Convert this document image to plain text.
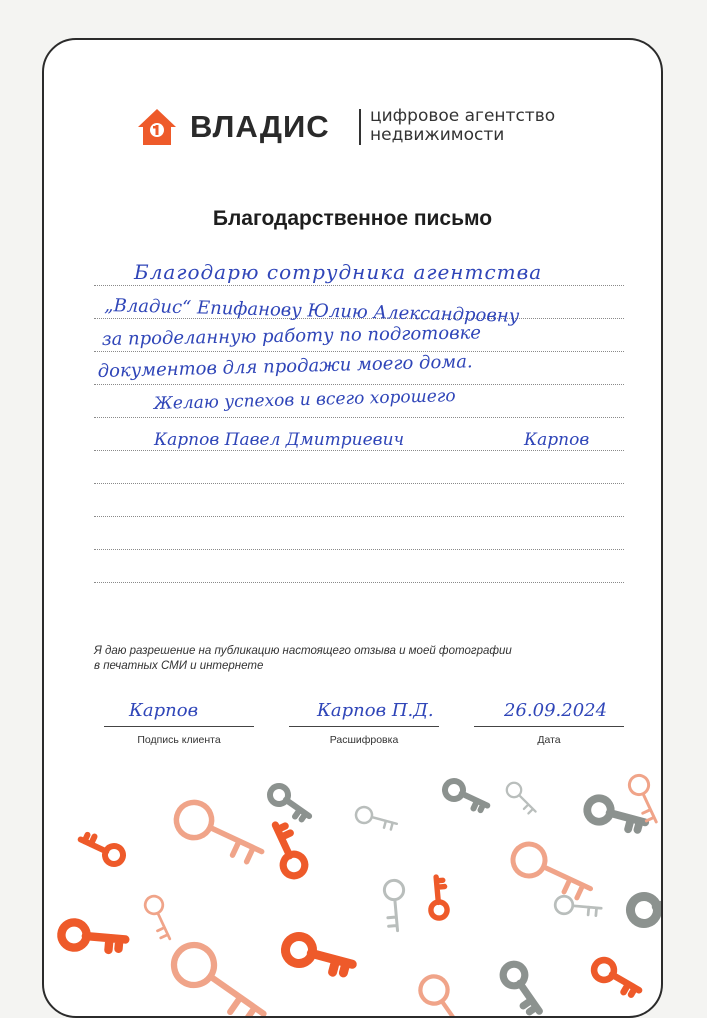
ВЛАДИС цифровое агентство
недвижимости
Благодарственное письмо
Благодарю сотрудника агентства
„Владис“ Епифанову Юлию Александровну
за проделанную работу по подготовке
документов для продажи моего дома.
Желаю успехов и всего хорошего
Карпов Павел Дмитриевич	Карпов
Я даю разрешение на публикацию настоящего отзыва и моей фотографии
в печатных СМИ и интернете
Карпов
Подпись клиента
Карпов П.Д.
Расшифровка
26.09.2024
Дата
